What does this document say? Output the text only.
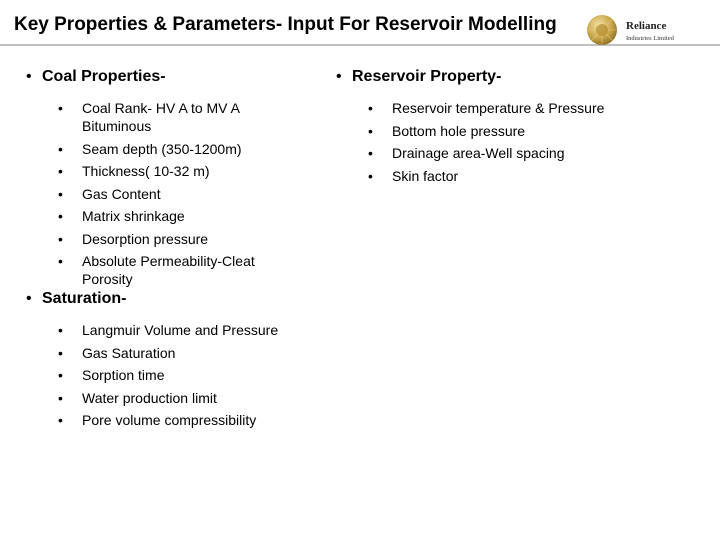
Key Properties & Parameters- Input For Reservoir Modelling	Reliance
Industries Limited
• Coal Properties-
• Coal Rank- HV A to MV A Bituminous
• Seam depth (350-1200m)
• Thickness( 10-32 m)
• Gas Content
• Matrix shrinkage
• Desorption pressure
• Absolute Permeability-Cleat Porosity
• Saturation-
• Langmuir Volume and Pressure
• Gas Saturation
• Sorption time
• Water production limit
• Pore volume compressibility
• Reservoir Property-
• Reservoir temperature & Pressure
• Bottom hole pressure
• Drainage area-Well spacing
• Skin factor
